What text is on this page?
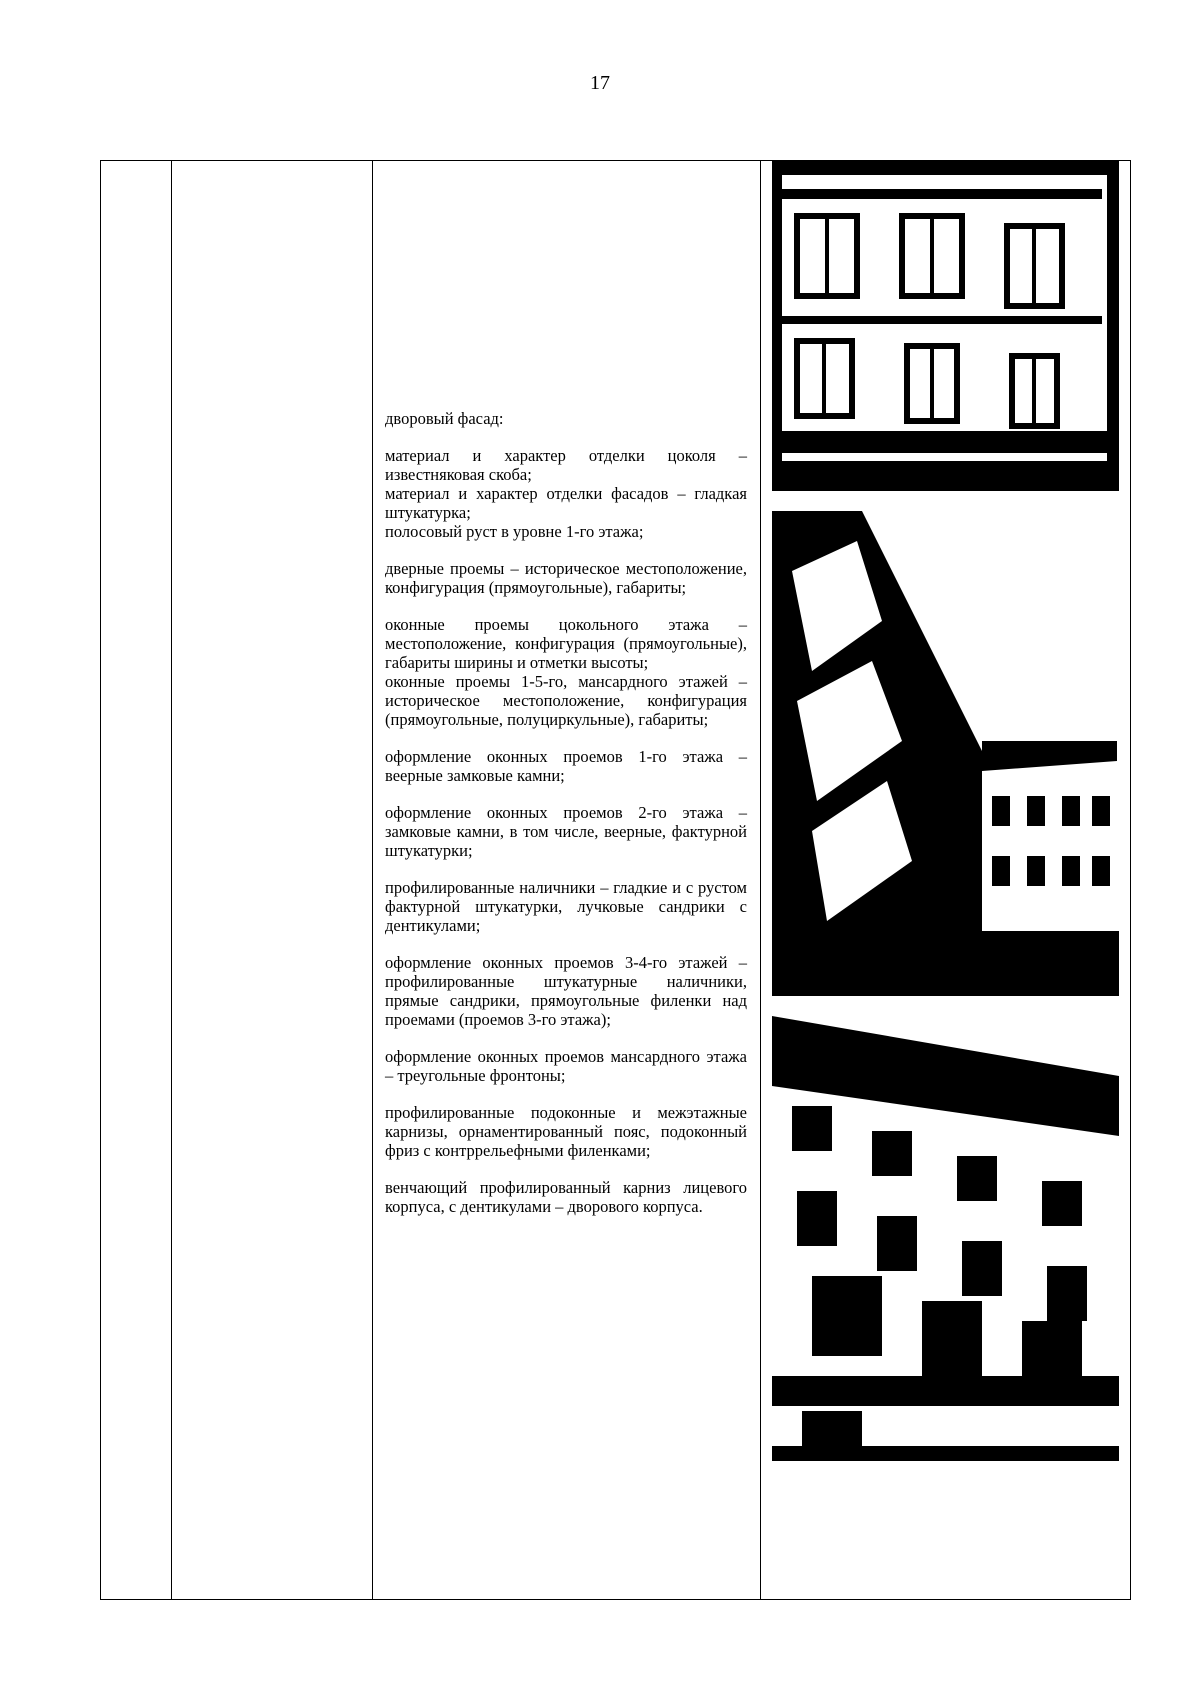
17

дворовый фасад:

материал и характер отделки цоколя – известняковая скоба;

материал и характер отделки фасадов – гладкая штукатурка;

полосовый руст в уровне 1-го этажа;

дверные проемы – историческое местоположение, конфигурация (прямоугольные), габариты;

оконные проемы цокольного этажа – местоположение, конфигурация (прямоугольные), габариты ширины и отметки высоты;

оконные проемы 1-5-го, мансардного этажей – историческое местоположение, конфигурация (прямоугольные, полуциркульные), габариты;

оформление оконных проемов 1-го этажа – веерные замковые камни;

оформление оконных проемов 2-го этажа – замковые камни, в том числе, веерные, фактурной штукатурки;

профилированные наличники – гладкие и с рустом фактурной штукатурки, лучковые сандрики с дентикулами;

оформление оконных проемов 3-4-го этажей – профилированные штукатурные наличники, прямые сандрики, прямоугольные филенки над проемами (проемов 3-го этажа);

оформление оконных проемов мансардного этажа – треугольные фронтоны;

профилированные подоконные и межэтажные карнизы, орнаментированный пояс, подоконный фриз с контррельефными филенками;

венчающий профилированный карниз лицевого корпуса, с дентикулами – дворового корпуса.
